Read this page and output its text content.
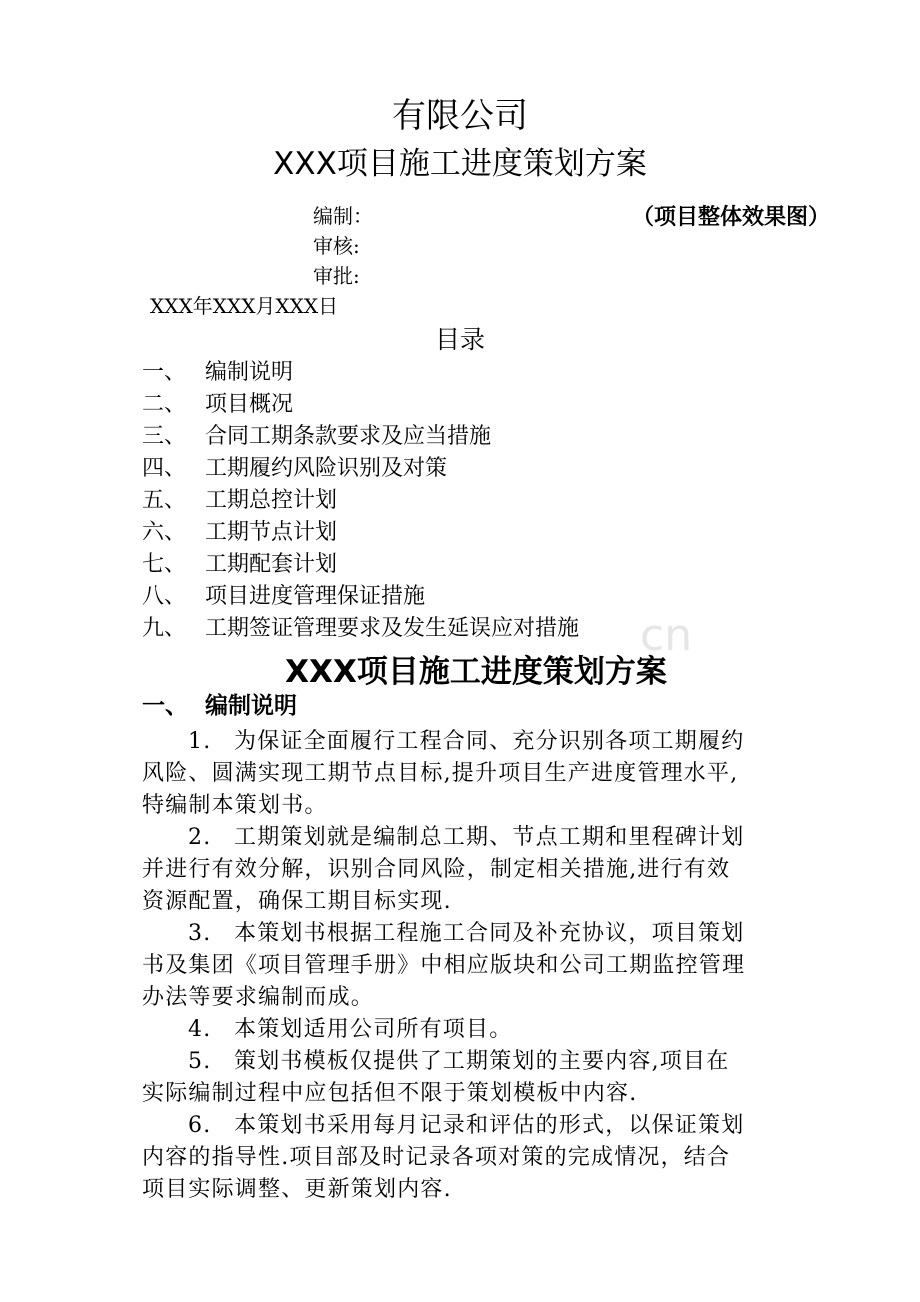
cn
有限公司
XXX项目施工进度策划方案
（项目整体效果图）
编制：
审核:
审批:
XXX年XXX月XXX日
目录
一、 编制说明
二、 项目概况
三、 合同工期条款要求及应当措施
四、 工期履约风险识别及对策
五、 工期总控计划
六、 工期节点计划
七、 工期配套计划
八、 项目进度管理保证措施
九、 工期签证管理要求及发生延误应对措施
XXX项目施工进度策划方案
一、 编制说明
1. 为保证全面履行工程合同、充分识别各项工期履约
风险、圆满实现工期节点目标,提升项目生产进度管理水平,
特编制本策划书。
2. 工期策划就是编制总工期、节点工期和里程碑计划
并进行有效分解，识别合同风险，制定相关措施,进行有效
资源配置，确保工期目标实现.
3. 本策划书根据工程施工合同及补充协议，项目策划
书及集团《项目管理手册》中相应版块和公司工期监控管理
办法等要求编制而成。
4. 本策划适用公司所有项目。
5. 策划书模板仅提供了工期策划的主要内容,项目在
实际编制过程中应包括但不限于策划模板中内容.
6. 本策划书采用每月记录和评估的形式，以保证策划
内容的指导性.项目部及时记录各项对策的完成情况，结合
项目实际调整、更新策划内容.
